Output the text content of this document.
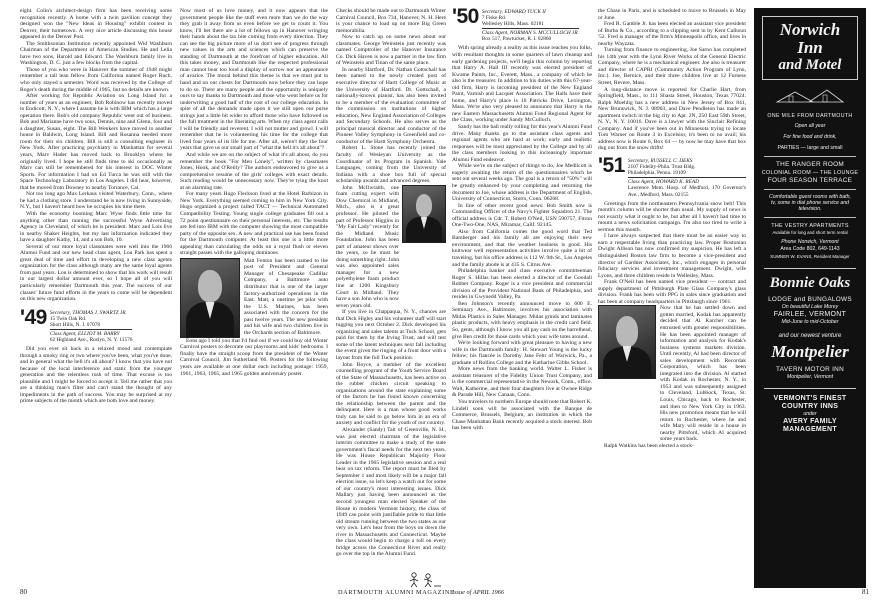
eight. Colin's architect-design firm has been receiving some recognition recently. A home with a twin pavilion concept they designed won the "New Ideas in Housing" exhibit contest in Denver, their hometown. A very nice article discussing this house appeared in the Denver Post.

The Smithsonian Institution recently appointed Wid Washburn Chairman of the Department of American Studies. He and Lelia have two sons, Harold and Edward. The Washburn family live in Washington, D. C. just a few blocks from the capital.

Those of you who were in Hanover the summer of 1948 might remember a tall lean fellow from California named Roger Ruch, who only stayed a semester. Word was received by the College of Roger's death during the middle of 1965, but no details are known.

After working for Republic Aviation on Long Island for a number of years as an engineer, Bob Robinow has recently moved to Endicott, N. Y., where I assume he is with IBM which has a large operation there. Bob's old company Republic went out of business. Bob and Marianne have two sons, Dennis, nine and Glenn, four and a daughter, Susan, eight. The Bill Wenkers have moved to another house in Baldwin, Long Island. Bill and Rosanna needed more room for their six children. Bill is still a consulting engineer in New York. After practicing psychiatry in Manhattan for several years, Marv Hader has moved back to Brooklyn where he originally lived. I hope he still finds time to ski occasionally as Marv can still be remembered for his interest in DOC Winter Sports. For information I had on Ed Turca he was still with the Space Technology Laboratory in Los Angeles. I did hear, however, that he moved from Downey to nearby Torrance, Cal.

Not too long ago Max Lerkaus visited Waterbury, Conn., where he had a clothing store. I understand he is now living in Sunnyside, N.Y., but I haven't heard how he occupies his time there.

With the economy booming Marc Wyse finds little time for anything other than running the successful Wyse Advertising Agency in Cleveland, of which he is president. Marc and Lois live in nearby Shaker Heights, but my last information indicated they have a daughter Kathy, 14, and a son Bob, 10.

Several of our more loyal classmates were well into the 1966 Alumni Fund and our new head class agent, Lou Park has spent a great deal of time and effort in developing a new class agents organization for the class although many are the same loyal agents from past years. Lou is determined to show that his work will result in our largest dollar amount ever, so I hope all of you will particularly remember Dartmouth this year. The success of our classes' future fund efforts in the years to come will be dependent on this new organization.

'49 Secretary, THOMAS J. SWARTZ JR.
15 Twin Oak Rd.
Short Hills, N. J. 07078
Class Agent, ELLIOT M. BARRY
62 Highland Ave., Roslyn, N. Y. 11576

Did you ever sit back in a relaxed mood and contemplate through a smoky ring or two where you've been, what you've done, and in general what the hell it's all about? I know that you have not because of the local interference and static from the younger generation and the relentless rush of time. That excuse is too plausible and I might be forced to accept it. Tell me rather that you are a thinking man's filter and can't stand the thought of any impediments in the path of success. You may be surprised at my prime subjects of the month which are both love and money.

Now most of us love money, and it now appears that the government people like the stuff even more than we do the way they grab it away from us even before we get to count it. You know, I'll bet there are a lot of fellows up in Hanover wringing their hands about the tax bite coming from every direction. They can see the big picture more of us don't see of progress through new values in the arts and sciences which can preserve the standing of Dartmouth at the forefront of higher education. All this takes money, and Dartmouth like the respected professional man cannot bear too loud a display of sorrow nor an appearance of avarice. The moral behind this theme is that we must put in hand and on our chests for Dartmouth now before they can hope to do so. There are many people and the opportunity is uniquely ours to say thanks to Dartmouth and those who went before us for underwriting a good half of the cost of our college education. In spite of all the demands made upon it we still open our purse strings just a little bit wider to afford those who have followed us the full treatment in the liberating arts. When my class agent calls I will be friendly and reverent. I will not mutter and growl. I will remember that he is volunteering his time for the college that lived four years of its life for me. After all, weren't they the four years that gave us our small part of "what the hell it's all about"?

And while we are on the subject of what it's all about, do you remember the book "For Men Lonely", written by classmates Jones, Hook, and O'Reilly? The authors endeavored to give us a comprehensive resume of the girls' colleges with exact details. Such reading would be unnecessary now. They're tying the knot at an alarming rate.

For many years Hugo Fleckson lived at the Hotel Barbizon in New York. Everything seemed coming to him in New York City. Hugo organized a project called TACT — Technical Automated Compatibility Testing. Young single college graduates fill out a 72 point questionnaire on their personal interests, etc. The results are fed into IBM with the computer showing the most compatible party of the opposite sex. A new and practical use has been found for the Dartmouth computer. At least this one is a little more appealing than calculating the odds on a royal flush or eleven straight passes with the galloping dominoes.

Matt Fenton has been named to the post of President and General Manager of Chesapeake Cadillac Company, a Baltimore auto distributor that is one of the larger factory-authorized operations in the East. Matt, a onetime jet pilot with the U.S. Marines, has been associated with the concern for the past twelve years. The new president and his wife and two children live in the Orchards section of Baltimore.

Eons ago I told you that I'd find out if we could buy old Winter Carnival posters to decorate our playrooms and kids' bedrooms. I finally have the straight scoop from the president of the Winter Carnival Council, Jim Sutherland '66. Posters for the following years are available at one dollar each including postage: 1959, 1961, 1963, 1965, and 1965 golden anniversary poster.

Checks should be made out to Dartmouth Winter Carnival Council, Box 734, Hanover, N. H. Here is your chance to load up on more Big Green memorabilia.

Now to catch up on some news about our classmates. George Weinstein just recently was named Comptroller of the Hanover Insurance Co. Dick Haven is now a partner in the law firm of Weinstein and Tinan of the same place.

In nearby Hartford, Dr. Nathan Gottschall has been named to the newly created post of executive director of Hartt College of Music at the University of Hartford. Dr. Gottschall, a nationally-known pianist, has also been invited to be a member of the evaluation committee of the commission on institutions of higher education, New England Association of Colleges and Secondary Schools. He also serves as the principal musical director and conductor of the Pioneer Valley Symphony in Greenfield and co-conductor of the Hartt Symphony Orchestra.

Robert L. Stone has recently joined the faculty of Wesleyan University as the Coordinator of its Program in Spanish. Yale Languages, coming from the University of Indiana with a shoe box full of special scholarship awards and advanced degrees.

John McIlwraith, one foam cutting expert with Dow Chemical in Midland, Mich., also is a great professor. He piloted the part of Professor Higgins in "My Fair Lady" recently for the Midland Music Foundation. John has been part of amateur shows over the years, so he must be doing something right. John was also appointed sales manager for a new polyethylene foam product line at 1200 Kingsbury Court in Midland. They have a son John who is now seven years old.

If you live in Chappaqua, N. Y., chances are that Dick Higley and his volunteer staff will start tugging you next October 2. Dick developed his organizing and sales talents at Tuck School, gets paid for them by the Irving Trust, and will test some of the latent techniques next fall including the event given the ringing of a front door with a layout from the full Tuck position.

John Boyce, a member of the excellent counselling program of the Youth Service Board of the State of Massachusetts, has been active on the rubber chicken circuit speaking to organizations around the state explaining some of the factors he has found known concerning the relationship between the parent and the delinquent. Here is a man whose good works truly can be said to go below him in an era of anxiety and conflict for the youth of our country.

Alexander (Sandy) Tait of Greenville, N. H., was just elected chairman of the legislative interim committee to make a study of the state government's fiscal needs for the next ten years. He was House Republican Majority Floor Leader in the 1965 legislative session and a real bear on tax reform. The report must be filed by September 1 and most likely will be a major fall election issue, so let's keep a watch out for some of our country's most interesting issues. Dick Mallary just having been announced as the second youngest man elected Speaker of the House in modern Vermont history, the class of 1949 can point with justifiable pride to that little old stream running between the two states as our very own. Let's hear from the boys on down the river in Massachusetts and Connecticut. Maybe the class would begin to charge a toll on every bridge across the Connecticut River and really go over the top in the Alumni Fund.

80	DARTMOUTH ALUMNI MAGAZINE
'50 Secretary, EDWARD TUCK II
7 Fiske Rd.
Wellesley Hills, Mass. 02181
Class Agent, NORMAN S. MCCULLOCH JR.
Box 517, Pawtucket, R. I. 02860

With spring already a reality as this issue reaches you folks, with resultant thoughts in some quarters of lawn cleanup and early gardening projects, we'll begin this column by reporting that Harry A. Hall III recently was elected president of Kwame Paints, Inc., Everett, Mass., a company of which he also is the treasurer. In addition to his duties with this 67-year-old firm, Harry is incoming president of the New England Paint, Varnish and Lacquer Association. The Halls have their home, and Harry's place is 10 Patricks Drive, Lexington, Mass. We're also very pleased to announce that Harry is the new Eastern Massachusetts Alumni Fund Regional Agent for the Class, working under Sandy McCulloch.

Sandy has the ball really rolling for this year's Alumni Fund drive. Many thanks go to the assistant class agents and regional agents who are hard at work; early and realistic responses will be most appreciated by the College and by all the class members looking to this increasingly important Alumni Fund endeavor.

While we're on the subject of things to do, Joe Medlicott is eagerly awaiting the return of the questionnaires which he sent out several weeks ago. The goal is a return of "50%" will be greatly enhanced by your completing and returning the document to Joe, whose address is the Department of English, University of Connecticut, Storrs, Conn. 06268.

In line of other recent good news: Bob Smith now is Commanding Officer of the Navy's Fighter Squadron 21. The official address is Cdr. T. Robert O'Neil, USN 590757, Fitron One-Two-One, NAS, Miramar, Calif. 92145.

Also from California comes the good word that Ted Bamberger and his family all are enjoying their new environment, and that the weather business is good. His knitwear well representation activities involve quite a bit of traveling, but his office address is 112 W. 9th St., Los Angeles and the family abode is at 435 S. Citrus Ave.

Philadelphia banker and class executive committeeman Roger S. Hillas has been elected a director of the Goodall Rubber Company. Roger is a vice president and commercial division of the Provident National Bank of Philadelphia, and resides in Gwynedd Valley, Pa.

Ben Johnson's recently announced move to 600 E. Seminary Ave., Baltimore, involves his association with Midas Plastics in Sales Manager. Midas grinds and laminates plastic products, with heavy emphasis in the credit card field. So, gents, although I know you all pay cash on the barrelhead, give Ben credit for those cards which your wife totes around.

We're looking forward with great pleasure to having a new wife in the Dartmouth family: H. Stewart Young is the lucky fellow; his fiancée is Dorothy Jane Fehr of Warwick, Pa., a graduate of Rollins College and the Katharine Gibbs School.

More news from the banking world. Walter L. Fisher is assistant treasurer of the Fidelity Union Trust Company, and is the commercial representative in the Newark, Conn., office. Walt, Katherine, and their four daughters live at Ownee Ridge & Parade Hill, New Canaan, Conn.

You travelers to northern Europe should note that Robert K. Lindell soon will be associated with the Banque de Commerce, Brussels, Belgium, an institution in which the Chase Manhattan Bank recently acquired a stock interest. Bob has been with

the Chase in Paris, and is scheduled to move to Brussels in May or June.

Fred R. Gamble Jr. has been elected an assistant vice president of Burba & Co., according to a clipping sent in by Kent Calhoun '52. Fred is manager of the firm's Minneapolis office, and lives in nearby Wayzata.

Turning from finance to engineering, Joe Sarno has completed his 14th year with the Lynn River Works of the General Electric Company, where he is a mechanical engineer. Joe also is treasurer and director of CAPRI (Community Action Program of Lynn, Inc.). Joe, Bernice, and their three children live at 12 Furness Street, Revere, Mass.

A long-distance move is reported for Charlie Hart, from Springfield, Mass., to 111 Shasta Street, Houston, Texas 77024. Ralph Moehlig has a new address in New Jersey of Box 841, New Brunswick, N. J. 08903, and Dave Pendleton has made an apartment switch in the big city to Apt. 2N, 250 East 59th Street, N. Y., N. Y. 10016. Dave is a lawyer with the Sinclair Refining Company. And if you've been out in Minnesota trying to locate Tom Warner on Route 3 in Excelsior, it's been to no avail; his address now is Route 6, Box 64 — by now he may have that box dug out from the snow drifts!

'51 Secretary, RUSSELL C. DEKS
2107 Fidelity-Phila. Trust Bldg.
Philadelphia, Penna. 19109
Class Agent, HOWARD K. READ
Lawrence Mem. Hosp. of Medford, 170 Governor's Ave., Medford, Mass. 02155

Greetings from the northeastern Pennsylvania snow belt! This month's column will be shorter than usual. My supply of news is not exactly what it ought to be, but after all I haven't had time to mount a news solicitation campaign. I'm also too tired to write a sermon this month.

I have always suspected that there must be an easier way to earn a respectable living than practicing law. Proper Bostonian Dwight Allison has now confirmed my suspicion. He has left a distinguished Boston law firm to become a vice-president and director of Gardner Associates, Inc., which engages in personal fiduciary services and investment management. Dwight, wife Lyons, and three children reside in Wellesley, Mass.

Frank O'Neil has been named vice president — contract and supply department of Pittsburgh Plate Glass Company's glass division. Frank has been with PPG in sales since graduation and has been at company headquarters in Pittsburgh since 1961.

Now that he has settled down and gotten married, Kodak has apparently decided that Al Karcher can be entrusted with greater responsibilities. He has been appointed manager of information and analysis for Kodak's business systems markets division. Until recently, Al had been director of sales development with Recordak Corporation, which has been integrated into the division. Al started with Kodak in Rochester, N. Y., in 1953 and was subsequently assigned to Cleveland, Lubbock, Texas, St. Louis, Chicago, back to Rochester, and then to New York City in 1963. His new promotion means that he will return to Rochester, where he and wife Mary will reside in a house in nearby Pittsford, which Al acquired some years back.

Ralph Watkins has been elected a stock-

Issue of APRIL 1966	81
Norwich Inn
and Motel
ONE MILE FROM DARTMOUTH
Open all year
For fine food and drink,
PARTIES — large and small
THE RANGER ROOM
COLONIAL ROOM — THE LOUNGE
FOUR SEASON TERRACE
Comfortable guest rooms with bath,
tv, some in dial phone service and
television.
THE VESTRY APARTMENTS
Available for long and short term rental
Phone Norwich, Vermont
Area Code 802, 649-1143
SUMNER W. EVANS, Resident Manager
Bonnie Oaks
LODGE and BUNGALOWS
On beautiful Lake Morey
FAIRLEE, VERMONT
Mid-June to mid-October
and our newest venture
Montpelier
TAVERN MOTOR INN
Montpelier, Vermont
VERMONT'S FINEST
COUNTRY INNS
under
AVERY FAMILY
MANAGEMENT
